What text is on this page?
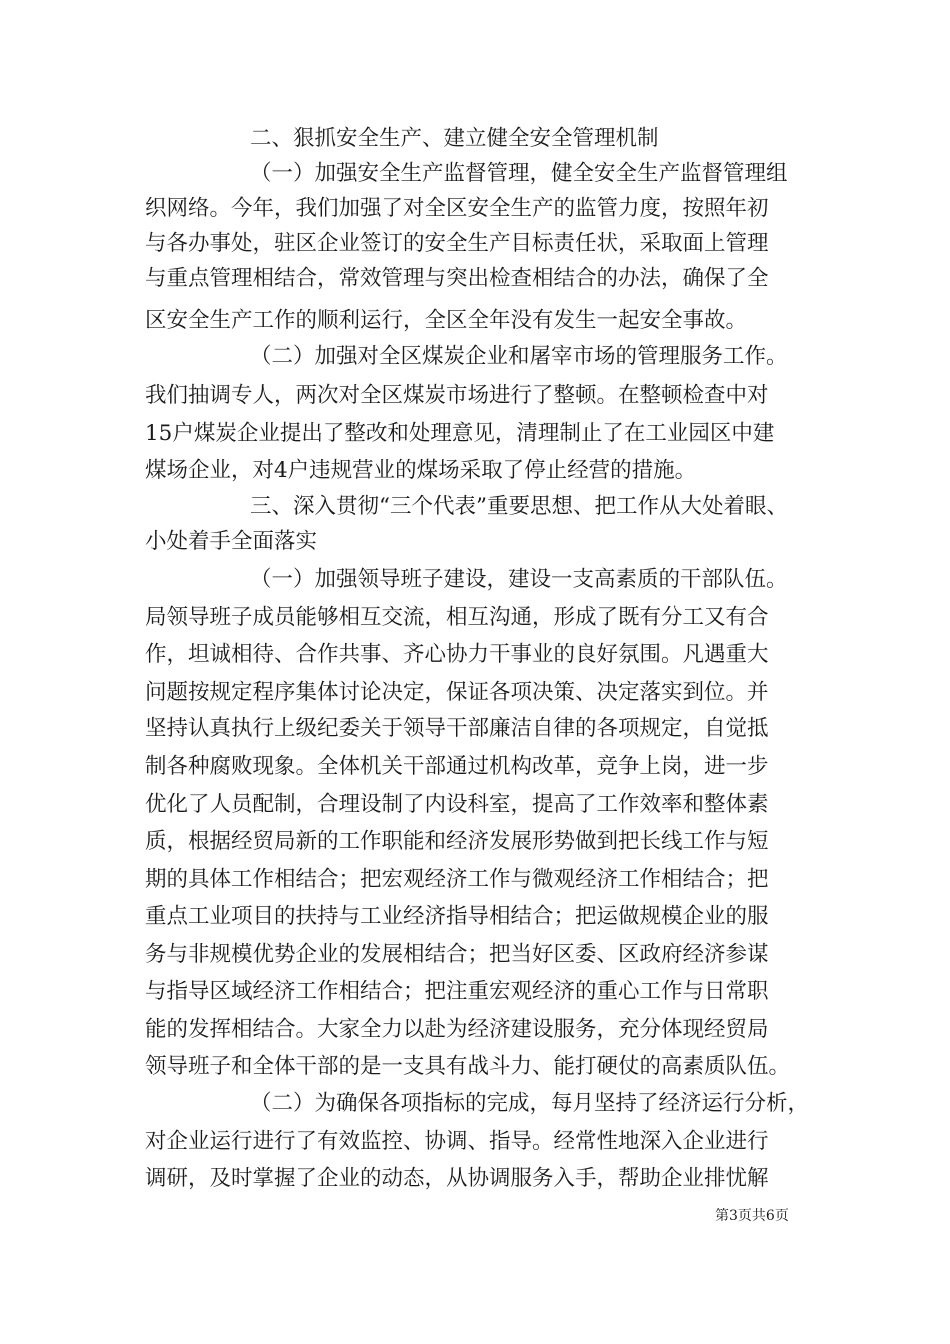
二、狠抓安全生产、建立健全安全管理机制
（一）加强安全生产监督管理，健全安全生产监督管理组
织网络。今年，我们加强了对全区安全生产的监管力度，按照年初
与各办事处，驻区企业签订的安全生产目标责任状，采取面上管理
与重点管理相结合，常效管理与突出检查相结合的办法，确保了全
区安全生产工作的顺利运行，全区全年没有发生一起安全事故。
（二）加强对全区煤炭企业和屠宰市场的管理服务工作。
我们抽调专人，两次对全区煤炭市场进行了整顿。在整顿检查中对
15户煤炭企业提出了整改和处理意见，清理制止了在工业园区中建
煤场企业，对4户违规营业的煤场采取了停止经营的措施。
三、深入贯彻“三个代表”重要思想、把工作从大处着眼、
小处着手全面落实
（一）加强领导班子建设，建设一支高素质的干部队伍。
局领导班子成员能够相互交流，相互沟通，形成了既有分工又有合
作，坦诚相待、合作共事、齐心协力干事业的良好氛围。凡遇重大
问题按规定程序集体讨论决定，保证各项决策、决定落实到位。并
坚持认真执行上级纪委关于领导干部廉洁自律的各项规定，自觉抵
制各种腐败现象。全体机关干部通过机构改革，竞争上岗，进一步
优化了人员配制，合理设制了内设科室，提高了工作效率和整体素
质，根据经贸局新的工作职能和经济发展形势做到把长线工作与短
期的具体工作相结合；把宏观经济工作与微观经济工作相结合；把
重点工业项目的扶持与工业经济指导相结合；把运做规模企业的服
务与非规模优势企业的发展相结合；把当好区委、区政府经济参谋
与指导区域经济工作相结合；把注重宏观经济的重心工作与日常职
能的发挥相结合。大家全力以赴为经济建设服务，充分体现经贸局
领导班子和全体干部的是一支具有战斗力、能打硬仗的高素质队伍。
（二）为确保各项指标的完成，每月坚持了经济运行分析，
对企业运行进行了有效监控、协调、指导。经常性地深入企业进行
调研，及时掌握了企业的动态，从协调服务入手，帮助企业排忧解
第3页共6页
